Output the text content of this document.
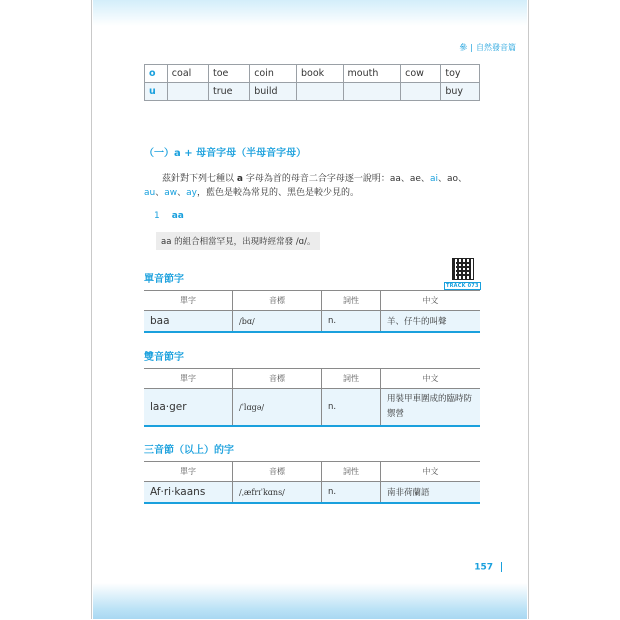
參 | 自然發音篇
o	coal	toe	coin	book	mouth	cow	toy
u		true	build				buy
（一）a + 母音字母（半母音字母）
茲針對下列七種以 a 字母為首的母音二合字母逐一說明：aa、ae、ai、ao、au、aw、ay，藍色是較為常見的、黑色是較少見的。
1 aa
aa 的組合相當罕見，出現時經常發 /ɑ/。
TRACK 073
單音節字
單字	音標	詞性	中文
baa	/bɑ/	n.	羊、仔牛的叫聲
雙音節字
單字	音標	詞性	中文
laa·ger	/ˈlɑgə/	n.	用裝甲車圍成的臨時防禦營
三音節（以上）的字
單字	音標	詞性	中文
Af·ri·kaans	/ˌæfrɪˈkɑns/	n.	南非荷蘭語
157
